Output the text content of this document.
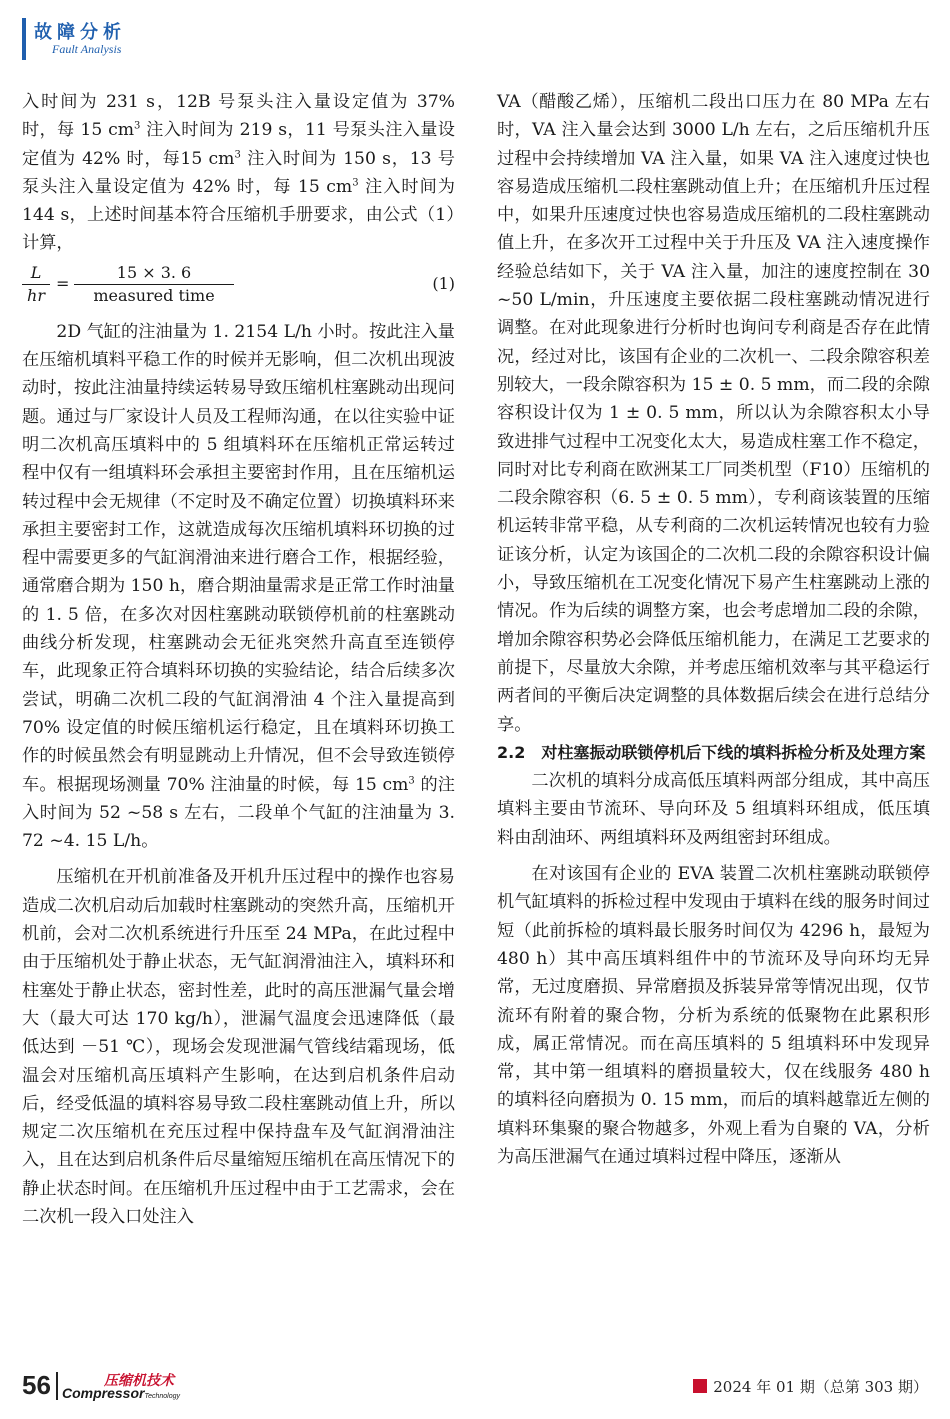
故障分析
Fault Analysis

入时间为 231 s，12B 号泵头注入量设定值为 37% 时，每 15 $cm^3$ 注入时间为 219 s，11 号泵头注入量设定值为 42% 时，每15 $cm^3$ 注入时间为 150 s，13 号泵头注入量设定值为 42% 时，每 15 $cm^3$ 注入时间为 144 s，上述时间基本符合压缩机手册要求，由公式（1）计算，

L
hr
=
15 × 3. 6
measured time
(1)

2D 气缸的注油量为 1. 2154 L/h 小时。按此注入量在压缩机填料平稳工作的时候并无影响，但二次机出现波动时，按此注油量持续运转易导致压缩机柱塞跳动出现问题。通过与厂家设计人员及工程师沟通，在以往实验中证明二次机高压填料中的 5 组填料环在压缩机正常运转过程中仅有一组填料环会承担主要密封作用，且在压缩机运转过程中会无规律（不定时及不确定位置）切换填料环来承担主要密封工作，这就造成每次压缩机填料环切换的过程中需要更多的气缸润滑油来进行磨合工作，根据经验，通常磨合期为 150 h，磨合期油量需求是正常工作时油量的 1. 5 倍，在多次对因柱塞跳动联锁停机前的柱塞跳动曲线分析发现，柱塞跳动会无征兆突然升高直至连锁停车，此现象正符合填料环切换的实验结论，结合后续多次尝试，明确二次机二段的气缸润滑油 4 个注入量提高到 70% 设定值的时候压缩机运行稳定，且在填料环切换工作的时候虽然会有明显跳动上升情况，但不会导致连锁停车。根据现场测量 70% 注油量的时候，每 15 $cm^3$ 的注入时间为 52 ~58 s 左右，二段单个气缸的注油量为 3. 72 ~4. 15 L/h。

压缩机在开机前准备及开机升压过程中的操作也容易造成二次机启动后加载时柱塞跳动的突然升高，压缩机开机前，会对二次机系统进行升压至 24 MPa，在此过程中由于压缩机处于静止状态，无气缸润滑油注入，填料环和柱塞处于静止状态，密封性差，此时的高压泄漏气量会增大（最大可达 170 kg/h），泄漏气温度会迅速降低（最低达到 －51 ℃），现场会发现泄漏气管线结霜现场，低温会对压缩机高压填料产生影响，在达到启机条件启动后，经受低温的填料容易导致二段柱塞跳动值上升，所以规定二次压缩机在充压过程中保持盘车及气缸润滑油注入，且在达到启机条件后尽量缩短压缩机在高压情况下的静止状态时间。在压缩机升压过程中由于工艺需求，会在二次机一段入口处注入

VA（醋酸乙烯），压缩机二段出口压力在 80 MPa 左右时，VA 注入量会达到 3000 L/h 左右，之后压缩机升压过程中会持续增加 VA 注入量，如果 VA 注入速度过快也容易造成压缩机二段柱塞跳动值上升；在压缩机升压过程中，如果升压速度过快也容易造成压缩机的二段柱塞跳动值上升，在多次开工过程中关于升压及 VA 注入速度操作经验总结如下，关于 VA 注入量，加注的速度控制在 30 ~50 L/min，升压速度主要依据二段柱塞跳动情况进行调整。在对此现象进行分析时也询问专利商是否存在此情况，经过对比，该国有企业的二次机一、二段余隙容积差别较大，一段余隙容积为 15 ± 0. 5 mm，而二段的余隙容积设计仅为 1 ± 0. 5 mm，所以认为余隙容积太小导致进排气过程中工况变化太大，易造成柱塞工作不稳定，同时对比专利商在欧洲某工厂同类机型（F10）压缩机的二段余隙容积（6. 5 ± 0. 5 mm），专利商该装置的压缩机运转非常平稳，从专利商的二次机运转情况也较有力验证该分析，认定为该国企的二次机二段的余隙容积设计偏小，导致压缩机在工况变化情况下易产生柱塞跳动上涨的情况。作为后续的调整方案，也会考虑增加二段的余隙，增加余隙容积势必会降低压缩机能力，在满足工艺要求的前提下，尽量放大余隙，并考虑压缩机效率与其平稳运行两者间的平衡后决定调整的具体数据后续会在进行总结分享。

2.2　对柱塞振动联锁停机后下线的填料拆检分析及处理方案

二次机的填料分成高低压填料两部分组成，其中高压填料主要由节流环、导向环及 5 组填料环组成，低压填料由刮油环、两组填料环及两组密封环组成。

在对该国有企业的 EVA 装置二次机柱塞跳动联锁停机气缸填料的拆检过程中发现由于填料在线的服务时间过短（此前拆检的填料最长服务时间仅为 4296 h，最短为 480 h）其中高压填料组件中的节流环及导向环均无异常，无过度磨损、异常磨损及拆装异常等情况出现，仅节流环有附着的聚合物，分析为系统的低聚物在此累积形成，属正常情况。而在高压填料的 5 组填料环中发现异常，其中第一组填料的磨损量较大，仅在线服务 480 h 的填料径向磨损为 0. 15 mm，而后的填料越靠近左侧的填料环集聚的聚合物越多，外观上看为自聚的 VA，分析为高压泄漏气在通过填料过程中降压，逐渐从

56	压缩机技术
CompressorTechnology
2024 年 01 期（总第 303 期）
